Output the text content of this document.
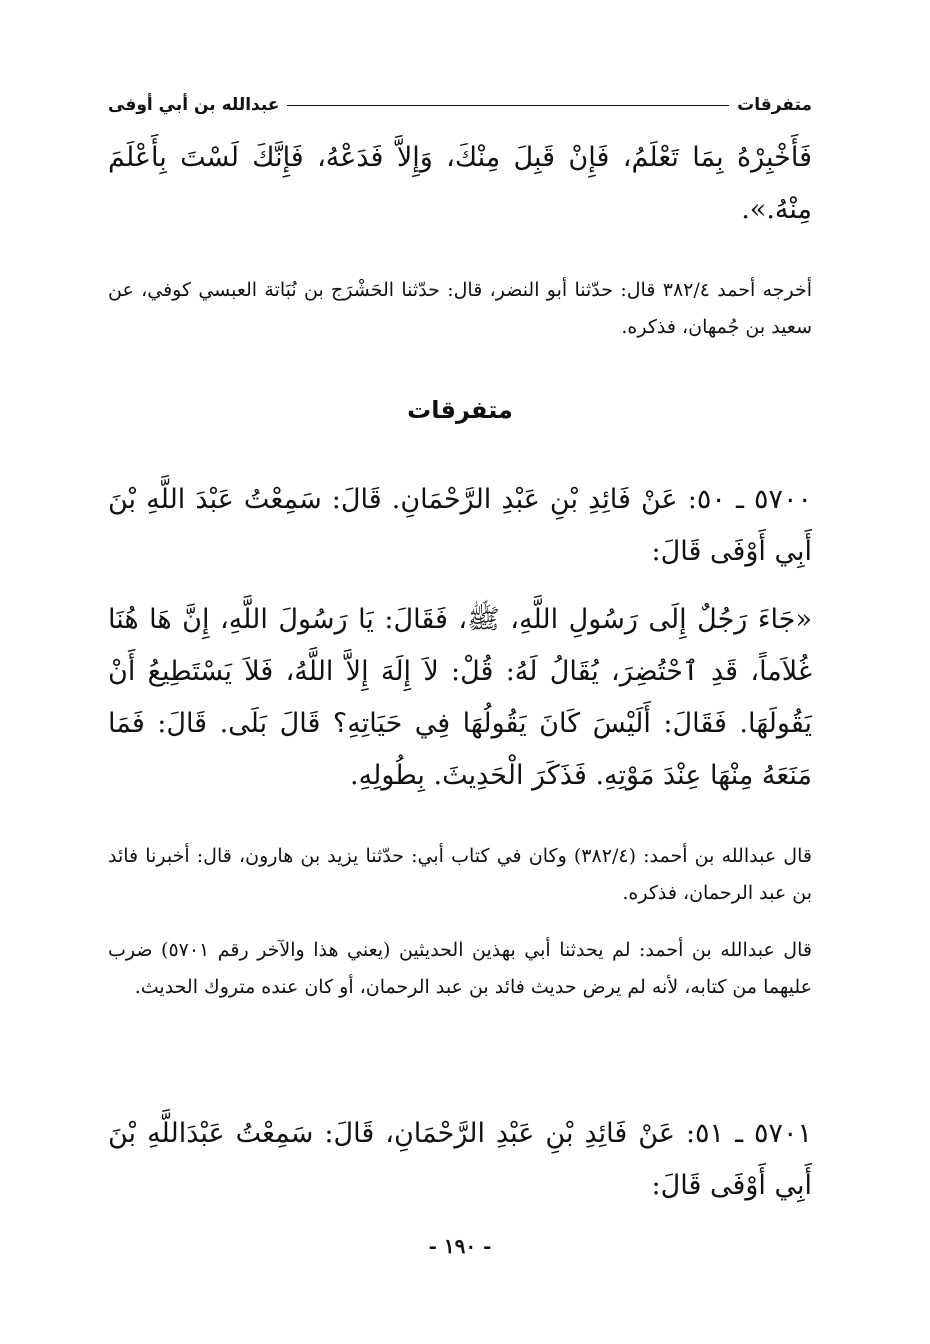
متفرقات
عبدالله بن أبي أوفى
فَأَخْبِرْهُ بِمَا تَعْلَمُ، فَإِنْ قَبِلَ مِنْكَ، وَإِلاَّ فَدَعْهُ، فَإِنَّكَ لَسْتَ بِأَعْلَمَ مِنْهُ.».
أخرجه أحمد ٣٨٢/٤ قال: حدّثنا أبو النضر، قال: حدّثنا الحَشْرَج بن نُبَاتة العبسي كوفي، عن سعيد بن جُمهان، فذكره.
متفرقات
٥٧٠٠ ـ ٥٠: عَنْ فَائِدِ بْنِ عَبْدِ الرَّحْمَانِ. قَالَ: سَمِعْتُ عَبْدَ اللَّهِ بْنَ أَبِي أَوْفَى قَالَ:
«جَاءَ رَجُلٌ إِلَى رَسُولِ اللَّهِ، ﷺ، فَقَالَ: يَا رَسُولَ اللَّهِ، إِنَّ هَا هُنَا غُلاَماً، قَدِ ٱحْتُضِرَ، يُقَالُ لَهُ: قُلْ: لاَ إِلَهَ إِلاَّ اللَّهُ، فَلاَ يَسْتَطِيعُ أَنْ يَقُولَهَا. فَقَالَ: أَلَيْسَ كَانَ يَقُولُهَا فِي حَيَاتِهِ؟ قَالَ بَلَى. قَالَ: فَمَا مَنَعَهُ مِنْهَا عِنْدَ مَوْتِهِ. فَذَكَرَ الْحَدِيثَ. بِطُولِهِ.
قال عبدالله بن أحمد: (٣٨٢/٤) وكان في كتاب أبي: حدّثنا يزيد بن هارون، قال: أخبرنا فائد بن عبد الرحمان، فذكره.
قال عبدالله بن أحمد: لم يحدثنا أبي بهذين الحديثين (يعني هذا والآخر رقم ٥٧٠١) ضرب عليهما من كتابه، لأنه لم يرض حديث فائد بن عبد الرحمان، أو كان عنده متروك الحديث.
٥٧٠١ ـ ٥١: عَنْ فَائِدِ بْنِ عَبْدِ الرَّحْمَانِ، قَالَ: سَمِعْتُ عَبْدَاللَّهِ بْنَ أَبِي أَوْفَى قَالَ:
- ١٩٠ -
